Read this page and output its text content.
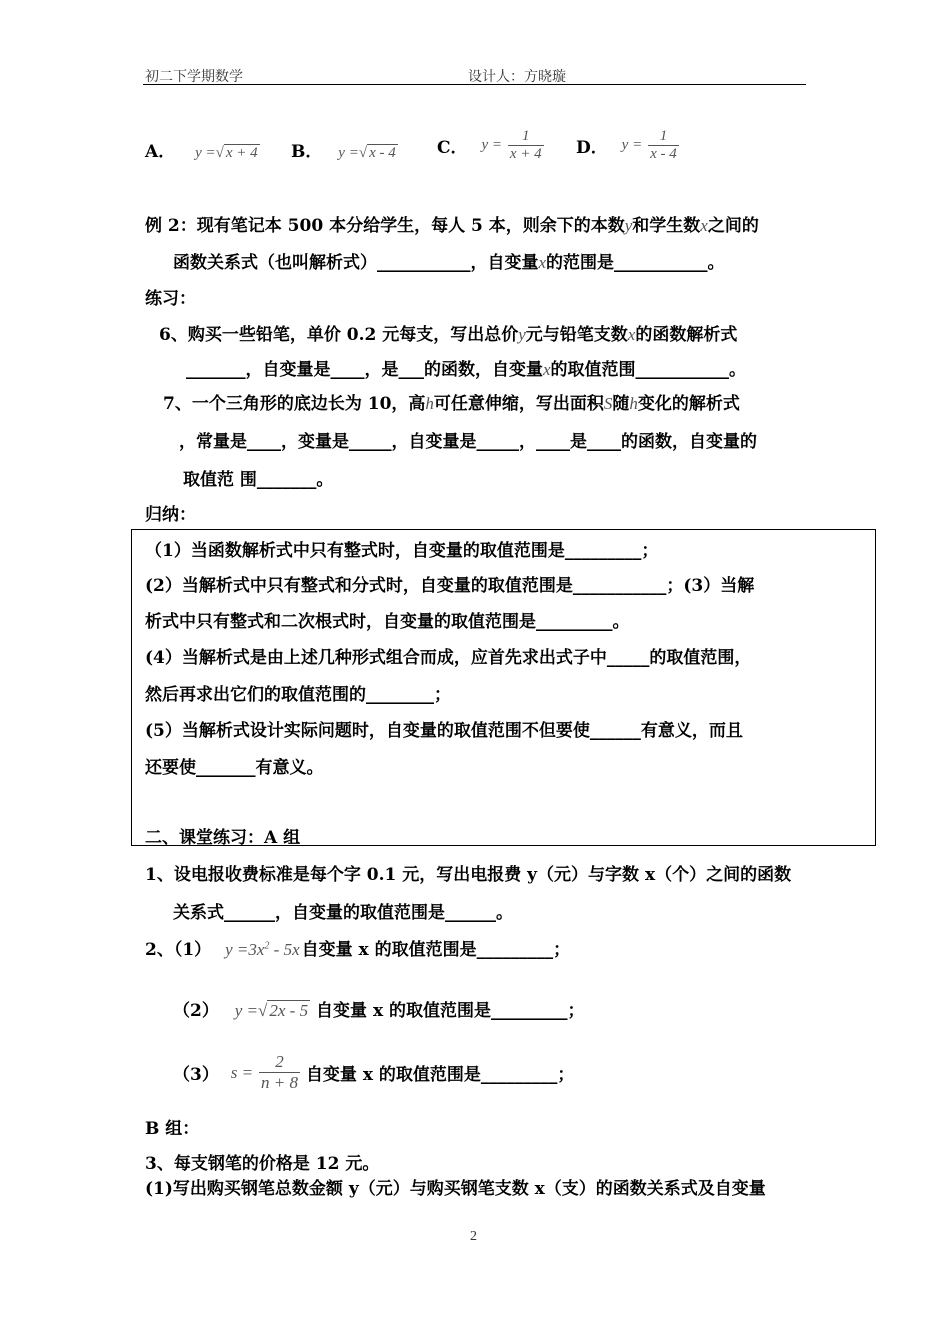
初二下学期数学	设计人：方晓璇
A． y =√ x + 4 B． y =√ x - 4 C． $y = \frac{1}{x + 4}$ D． $y = \frac{1}{x - 4}$
例 2：现有笔记本 500 本分给学生，每人 5 本，则余下的本数y和学生数x之间的
函数关系式（也叫解析式）___________，自变量x的范围是___________。
练习：
6、购买一些铅笔，单价 0.2 元每支，写出总价y元与铅笔支数x的函数解析式
_______，自变量是____，是___的函数，自变量x的取值范围___________。
7、一个三角形的底边长为 10，高h可任意伸缩，写出面积S随h变化的解析式
，常量是____，变量是_____，自变量是_____，____是____的函数，自变量的
取值范 围_______。
归纳：
（1）当函数解析式中只有整式时，自变量的取值范围是_________；
(2）当解析式中只有整式和分式时，自变量的取值范围是___________；(3）当解
析式中只有整式和二次根式时，自变量的取值范围是_________。
(4）当解析式是由上述几种形式组合而成，应首先求出式子中_____的取值范围，
然后再求出它们的取值范围的________；
(5）当解析式设计实际问题时，自变量的取值范围不但要使______有意义，而且
还要使_______有意义。
二、课堂练习：A 组
1、设电报收费标准是每个字 0.1 元，写出电报费 y（元）与字数 x（个）之间的函数
关系式______，自变量的取值范围是______。
2、（1） $y =3x^2 - 5x$ 自变量 x 的取值范围是_________；
（2） y =√ 2x - 5 自变量 x 的取值范围是_________；
（3） $s = \frac{2}{n + 8}$ 自变量 x 的取值范围是_________；
B 组：
3、每支钢笔的价格是 12 元。
(1)写出购买钢笔总数金额 y（元）与购买钢笔支数 x（支）的函数关系式及自变量
2
